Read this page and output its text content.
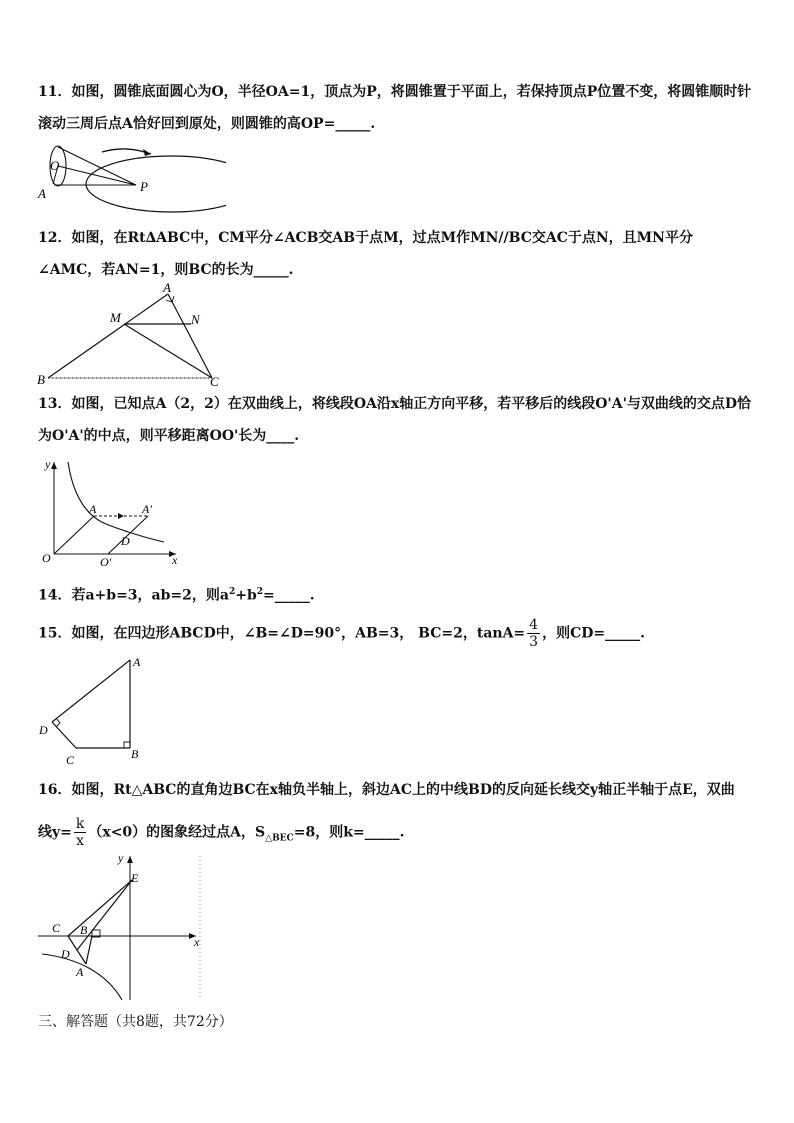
11．如图，圆锥底面圆心为O，半径OA=1，顶点为P，将圆锥置于平面上，若保持顶点P位置不变，将圆锥顺时针
滚动三周后点A恰好回到原处，则圆锥的高OP=_____.
O
A	P
12．如图，在Rt∆ABC中，CM平分∠ACB交AB于点M，过点M作MN//BC交AC于点N，且MN平分
∠AMC，若AN=1，则BC的长为_____.
A
M	N
B	C
13．如图，已知点A（2，2）在双曲线上，将线段OA沿x轴正方向平移，若平移后的线段O'A'与双曲线的交点D恰
为O'A'的中点，则平移距离OO'长为____.
A	A'
D
O	O'
y
x
14．若a+b=3，ab=2，则$a^2+b^2=\_\_\_\_\_$.
15．如图，在四边形ABCD中，∠B=∠D=90°，AB=3， BC=2，$\tan A= \frac{4}{3}$ ，则CD=_____.
A
D
B
C
16．如图，Rt△ABC的直角边BC在x轴负半轴上，斜边AC上的中线BD的反向延长线交y轴正半轴于点E，双曲
线$y= \frac{k}{x} (x<0)$的图象经过点A，$S_{\triangle BEC}=8$，则k=_____.
E
C B
D
A
y
x
三、解答题（共8题，共72分）
